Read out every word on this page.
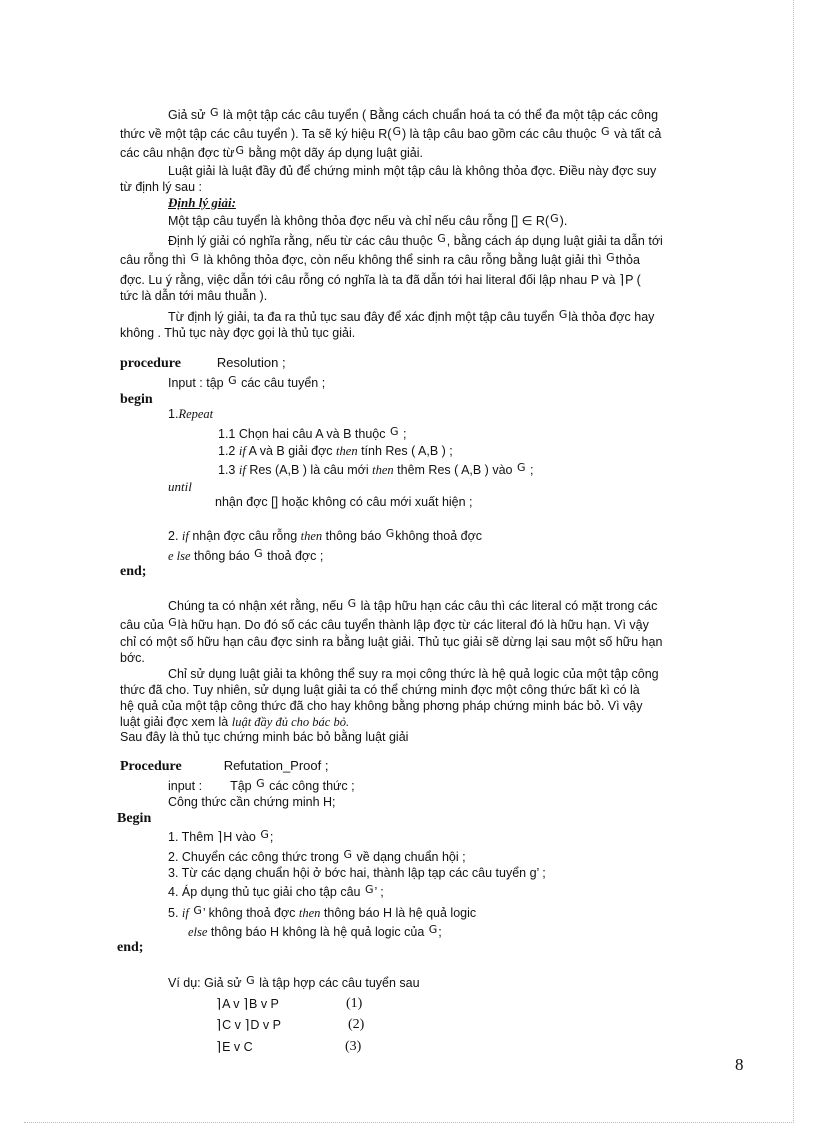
Giả sử G là một tập các câu tuyển ( Bằng cách chuẩn hoá ta có thể đa một tập các công
thức về một tập các câu tuyển ). Ta sẽ ký hiệu R(G) là tập câu bao gồm các câu thuộc G và tất cả
các câu nhận đợc từG bằng một dãy áp dụng luật giải.
Luật giải là luật đầy đủ để chứng minh một tập câu là không thỏa đợc. Điều này đợc suy
từ định lý sau :
Định lý giải:
Một tập câu tuyển là không thỏa đợc nếu và chỉ nếu câu rỗng [] ∈ R(G).
Định lý giải có nghĩa rằng, nếu từ các câu thuộc G, bằng cách áp dụng luật giải ta dẫn tới
câu rỗng thì G là không thỏa đợc, còn nếu không thể sinh ra câu rỗng bằng luật giải thì Gthỏa
đợc. Lu ý rằng, việc dẫn tới câu rỗng có nghĩa là ta đã dẫn tới hai literal đối lập nhau P và ⌉P (
tức là dẫn tới mâu thuẫn ).
Từ định lý giải, ta đa ra thủ tục sau đây để xác định một tập câu tuyển Glà thỏa đợc hay
không . Thủ tục này đợc gọi là thủ tục giải.
procedure	Resolution ;
Input : tập G các câu tuyển ;
begin
1.Repeat
1.1 Chọn hai câu A và B thuộc G ;
1.2 if A và B giải đợc then tính Res ( A,B ) ;
1.3 if Res (A,B ) là câu mới then thêm Res ( A,B ) vào G ;
until
nhận đợc [] hoặc không có câu mới xuất hiện ;
2. if nhận đợc câu rỗng then thông báo Gkhông thoả đợc
e lse thông báo G thoả đợc ;
end;
Chúng ta có nhận xét rằng, nếu G là tập hữu hạn các câu thì các literal có mặt trong các
câu của Glà hữu hạn. Do đó số các câu tuyển thành lập đợc từ các literal đó là hữu hạn. Vì vậy
chỉ có một số hữu hạn câu đợc sinh ra bằng luật giải. Thủ tục giải sẽ dừng lại sau một số hữu hạn
bớc.
Chỉ sử dụng luật giải ta không thể suy ra mọi công thức là hệ quả logic của một tập công
thức đã cho. Tuy nhiên, sử dụng luật giải ta có thể chứng minh đợc một công thức bất kì có là
hệ quả của một tập công thức đã cho hay không bằng phơng pháp chứng minh bác bỏ. Vì vậy
luật giải đợc xem là luật đầy đủ cho bác bỏ.
Sau đây là thủ tục chứng minh bác bỏ bằng luật giải
Procedure	Refutation_Proof ;
input : Tập G các công thức ;
Công thức cần chứng minh H;
Begin
1. Thêm ⌉H vào G;
2. Chuyển các công thức trong G về dạng chuẩn hội ;
3. Từ các dạng chuẩn hội ở bớc hai, thành lập tạp các câu tuyển g’ ;
4. Áp dụng thủ tục giải cho tập câu G’ ;
5. if G’ không thoả đợc then thông báo H là hệ quả logic
else thông báo H không là hệ quả logic của G;
end;
Ví dụ: Giả sử G là tập hợp các câu tuyển sau
⌉A v ⌉B v P	(1)
⌉C v ⌉D v P	(2)
⌉E v C	(3)
8
